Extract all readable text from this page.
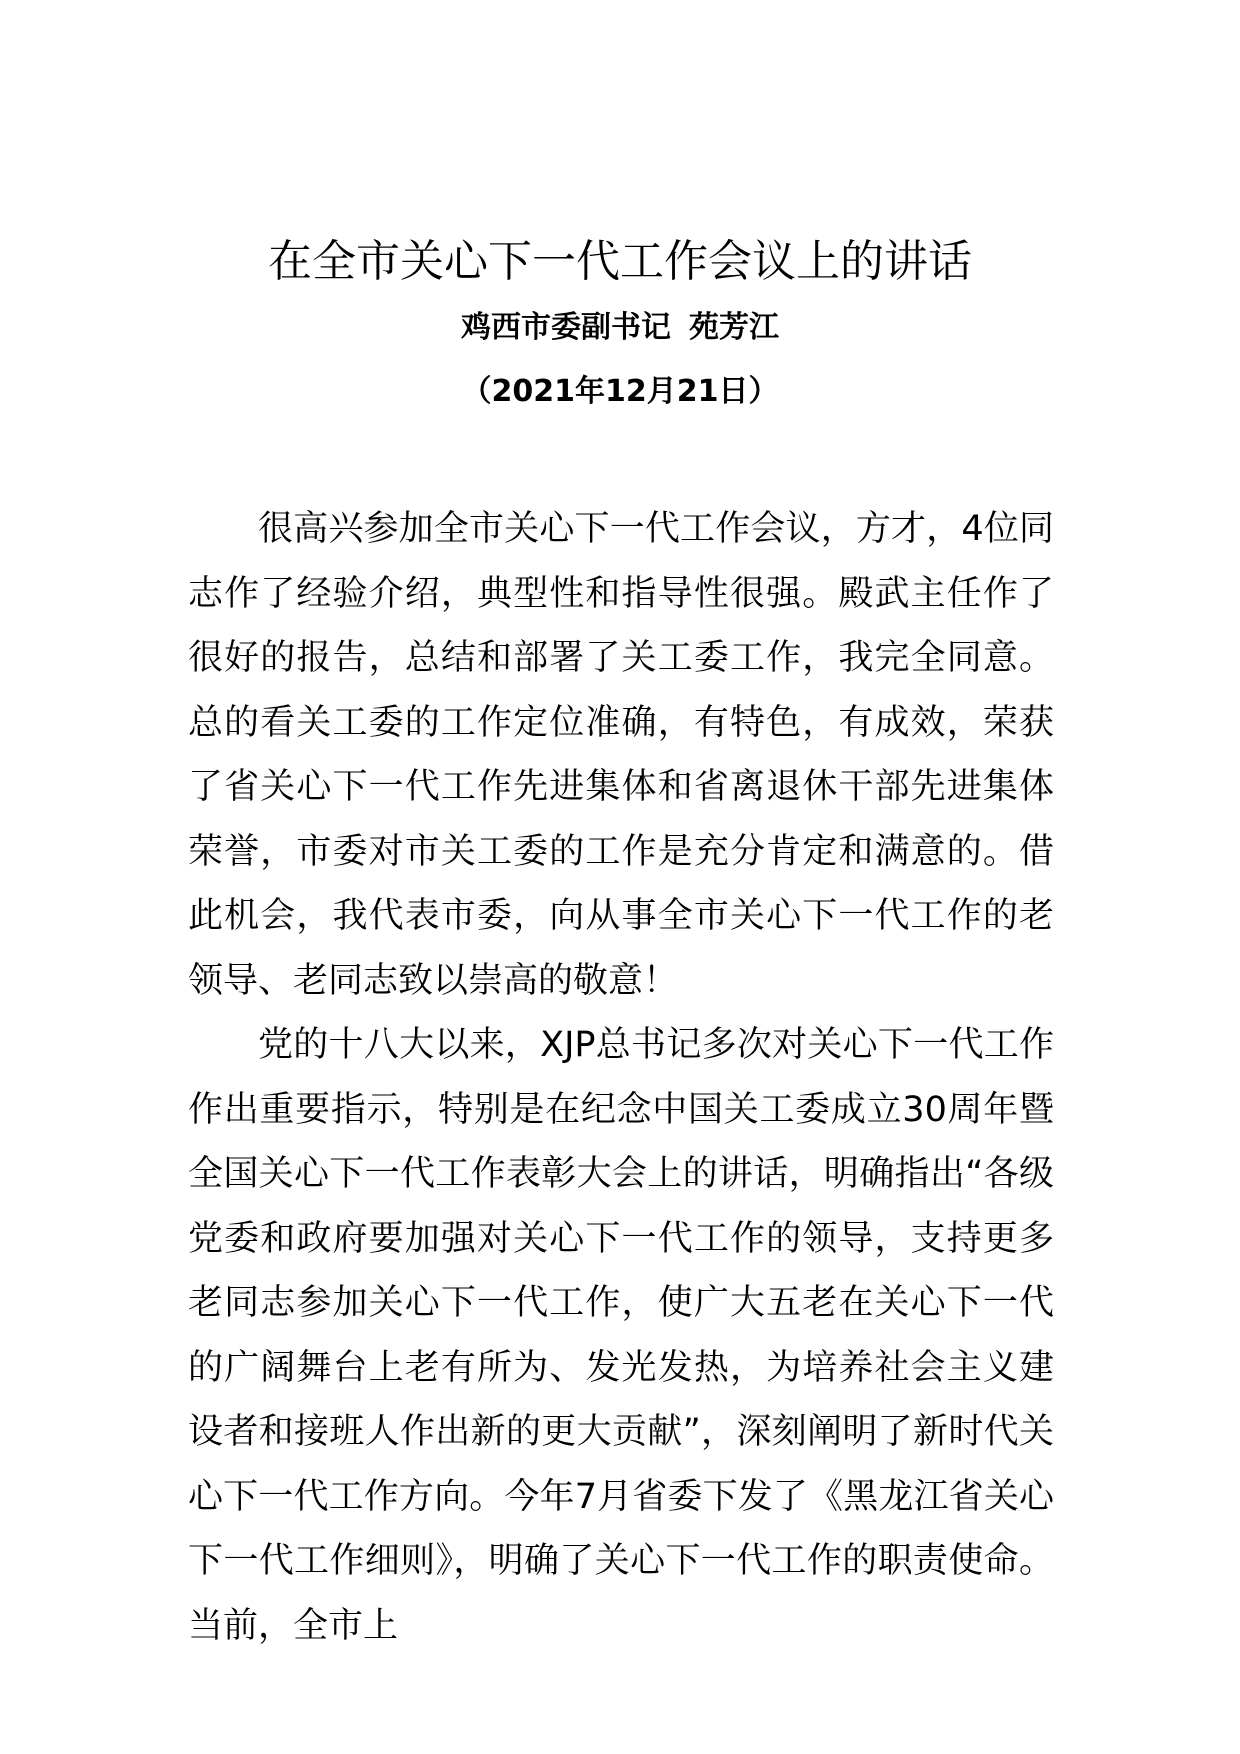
在全市关心下一代工作会议上的讲话
鸡西市委副书记 苑芳江
（2021年12月21日）

很高兴参加全市关心下一代工作会议，方才，4位同志作了经验介绍，典型性和指导性很强。殿武主任作了很好的报告，总结和部署了关工委工作，我完全同意。总的看关工委的工作定位准确，有特色，有成效，荣获了省关心下一代工作先进集体和省离退休干部先进集体荣誉，市委对市关工委的工作是充分肯定和满意的。借此机会，我代表市委，向从事全市关心下一代工作的老领导、老同志致以崇高的敬意！

党的十八大以来，XJP总书记多次对关心下一代工作作出重要指示，特别是在纪念中国关工委成立30周年暨全国关心下一代工作表彰大会上的讲话，明确指出“各级党委和政府要加强对关心下一代工作的领导，支持更多老同志参加关心下一代工作，使广大五老在关心下一代的广阔舞台上老有所为、发光发热，为培养社会主义建设者和接班人作出新的更大贡献”，深刻阐明了新时代关心下一代工作方向。今年7月省委下发了《黑龙江省关心下一代工作细则》，明确了关心下一代工作的职责使命。当前，全市上
